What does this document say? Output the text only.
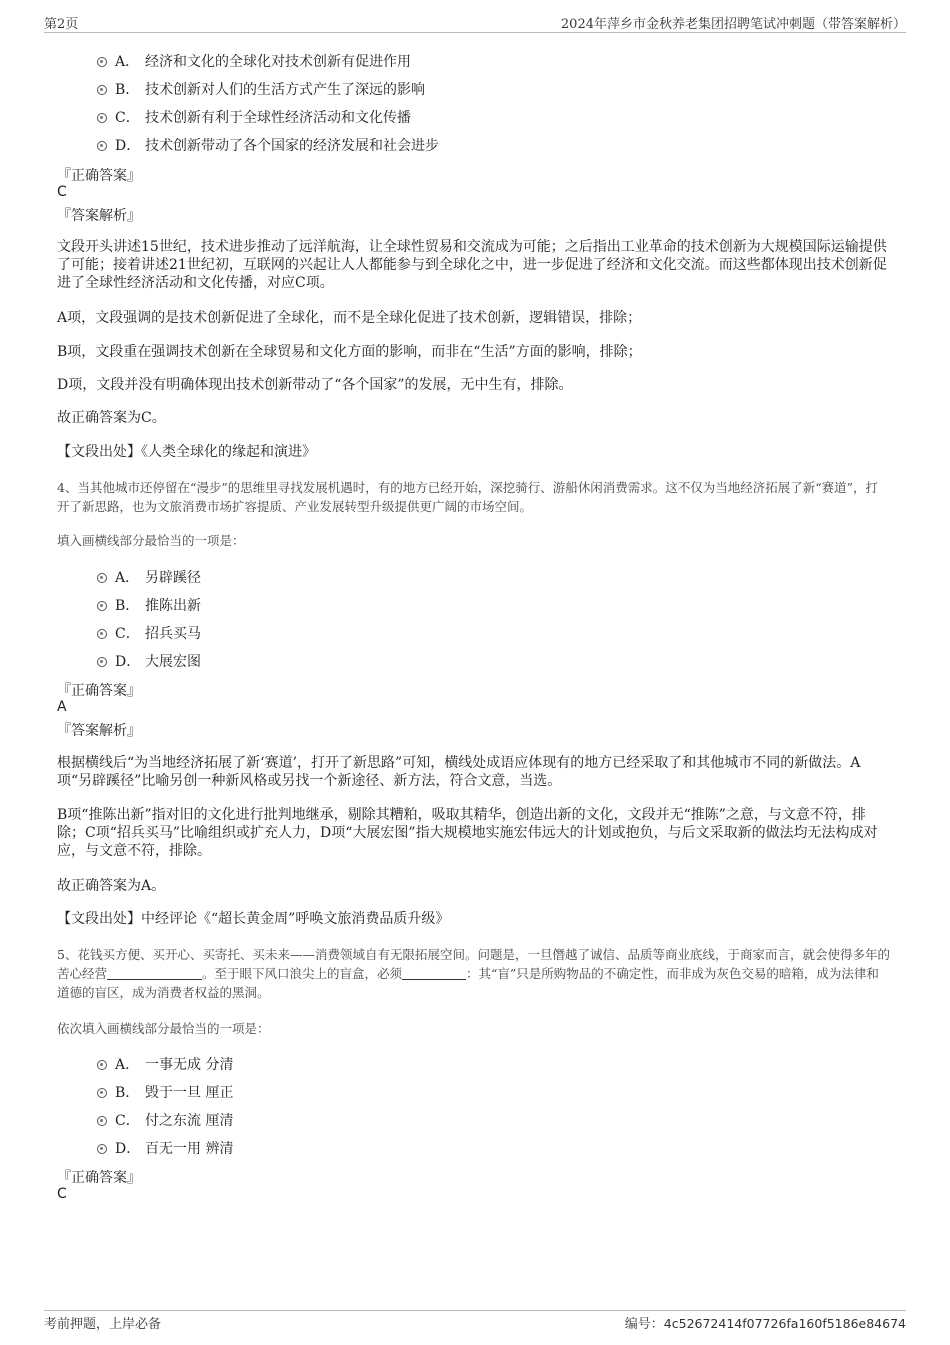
第2页	2024年萍乡市金秋养老集团招聘笔试冲刺题（带答案解析）
A． 经济和文化的全球化对技术创新有促进作用
B． 技术创新对人们的生活方式产生了深远的影响
C． 技术创新有利于全球性经济活动和文化传播
D． 技术创新带动了各个国家的经济发展和社会进步
『正确答案』
C
『答案解析』
文段开头讲述15世纪，技术进步推动了远洋航海，让全球性贸易和交流成为可能；之后指出工业革命的技术创新为大规模国际运输提供了可能；接着讲述21世纪初，互联网的兴起让人人都能参与到全球化之中，进一步促进了经济和文化交流。而这些都体现出技术创新促进了全球性经济活动和文化传播，对应C项。
A项，文段强调的是技术创新促进了全球化，而不是全球化促进了技术创新，逻辑错误，排除；
B项，文段重在强调技术创新在全球贸易和文化方面的影响，而非在“生活”方面的影响，排除；
D项，文段并没有明确体现出技术创新带动了“各个国家”的发展，无中生有，排除。
故正确答案为C。
【文段出处】《人类全球化的缘起和演进》
4、当其他城市还停留在“漫步”的思维里寻找发展机遇时，有的地方已经开始，深挖骑行、游船休闲消费需求。这不仅为当地经济拓展了新“赛道”，打开了新思路，也为文旅消费市场扩容提质、产业发展转型升级提供更广阔的市场空间。
填入画横线部分最恰当的一项是：
A． 另辟蹊径
B． 推陈出新
C． 招兵买马
D． 大展宏图
『正确答案』
A
『答案解析』
根据横线后“为当地经济拓展了新‘赛道’，打开了新思路”可知，横线处成语应体现有的地方已经采取了和其他城市不同的新做法。A项“另辟蹊径”比喻另创一种新风格或另找一个新途径、新方法，符合文意，当选。
B项“推陈出新”指对旧的文化进行批判地继承，剔除其糟粕，吸取其精华，创造出新的文化，文段并无“推陈”之意，与文意不符，排除；C项“招兵买马”比喻组织或扩充人力，D项“大展宏图”指大规模地实施宏伟远大的计划或抱负，与后文采取新的做法均无法构成对应，与文意不符，排除。
故正确答案为A。
【文段出处】中经评论《“超长黄金周”呼唤文旅消费品质升级》
5、花钱买方便、买开心、买寄托、买未来——消费领域自有无限拓展空间。问题是，一旦僭越了诚信、品质等商业底线，于商家而言，就会使得多年的苦心经营	。至于眼下风口浪尖上的盲盒，必须	：其“盲”只是所购物品的不确定性，而非成为灰色交易的暗箱，成为法律和道德的盲区，成为消费者权益的黑洞。
依次填入画横线部分最恰当的一项是：
A． 一事无成 分清
B． 毁于一旦 厘正
C． 付之东流 厘清
D． 百无一用 辨清
『正确答案』
C
考前押题，上岸必备	编号：4c52672414f07726fa160f5186e84674
